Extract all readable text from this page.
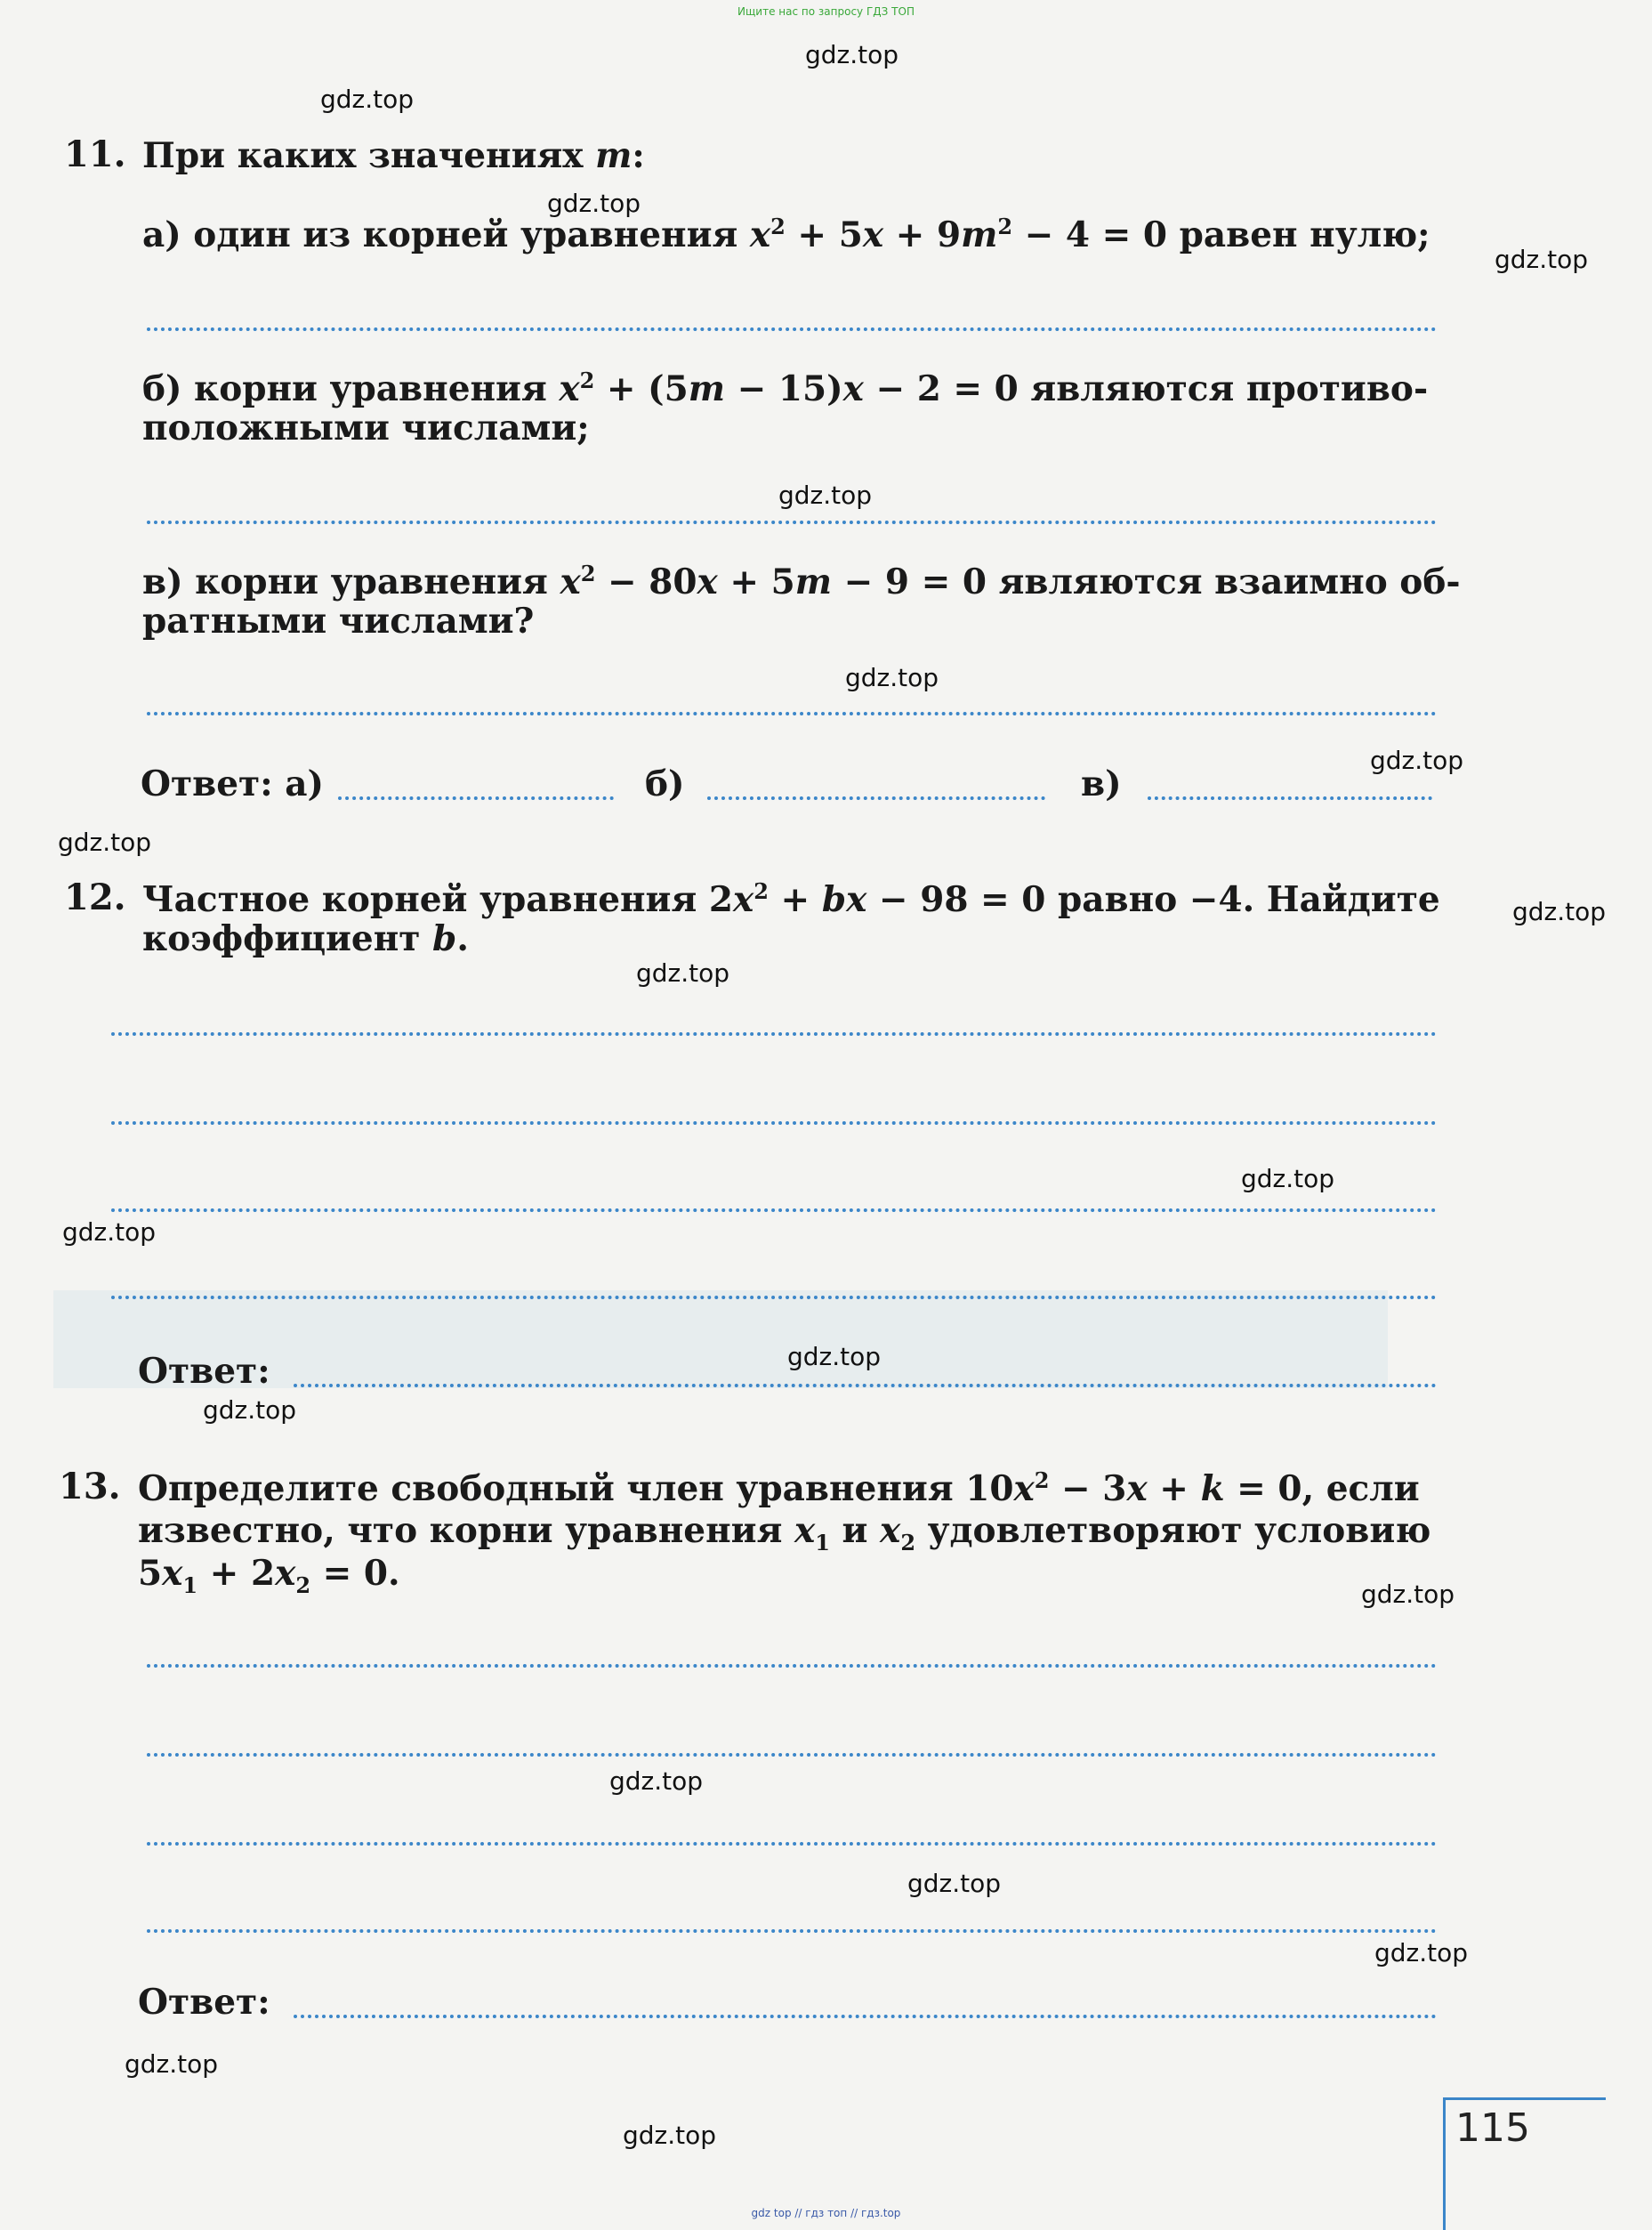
Ищите нас по запросу ГДЗ ТОП
11. При каких значениях m:
а) один из корней уравнения $x^2 + 5x + 9m^2 - 4 = 0$ равен нулю;
б) корни уравнения $x^2 + (5m - 15)x - 2 = 0$ являются противо-
положными числами;
в) корни уравнения $x^2 - 80x + 5m - 9 = 0$ являются взаимно об-
ратными числами?
Ответ: а)	б)	в)
12. Частное корней уравнения $2x^2$ + bx − 98 = 0 равно −4. Найдите
коэффициент b.
Ответ:
13. Определите свободный член уравнения $10x^2 - 3x + k = 0$, если
известно, что корни уравнения $x_1$ и $x_2$ удовлетворяют условию
$5x_1 + 2x_2 = 0$.
Ответ:
gdz.top
gdz.top
gdz.top
gdz.top
gdz.top
gdz.top
gdz.top
gdz.top
gdz.top
gdz.top
gdz.top
gdz.top
gdz.top
gdz.top
gdz.top
gdz.top
gdz.top
gdz.top
gdz.top
gdz.top	115
gdz top // гдз топ // гдз.top
